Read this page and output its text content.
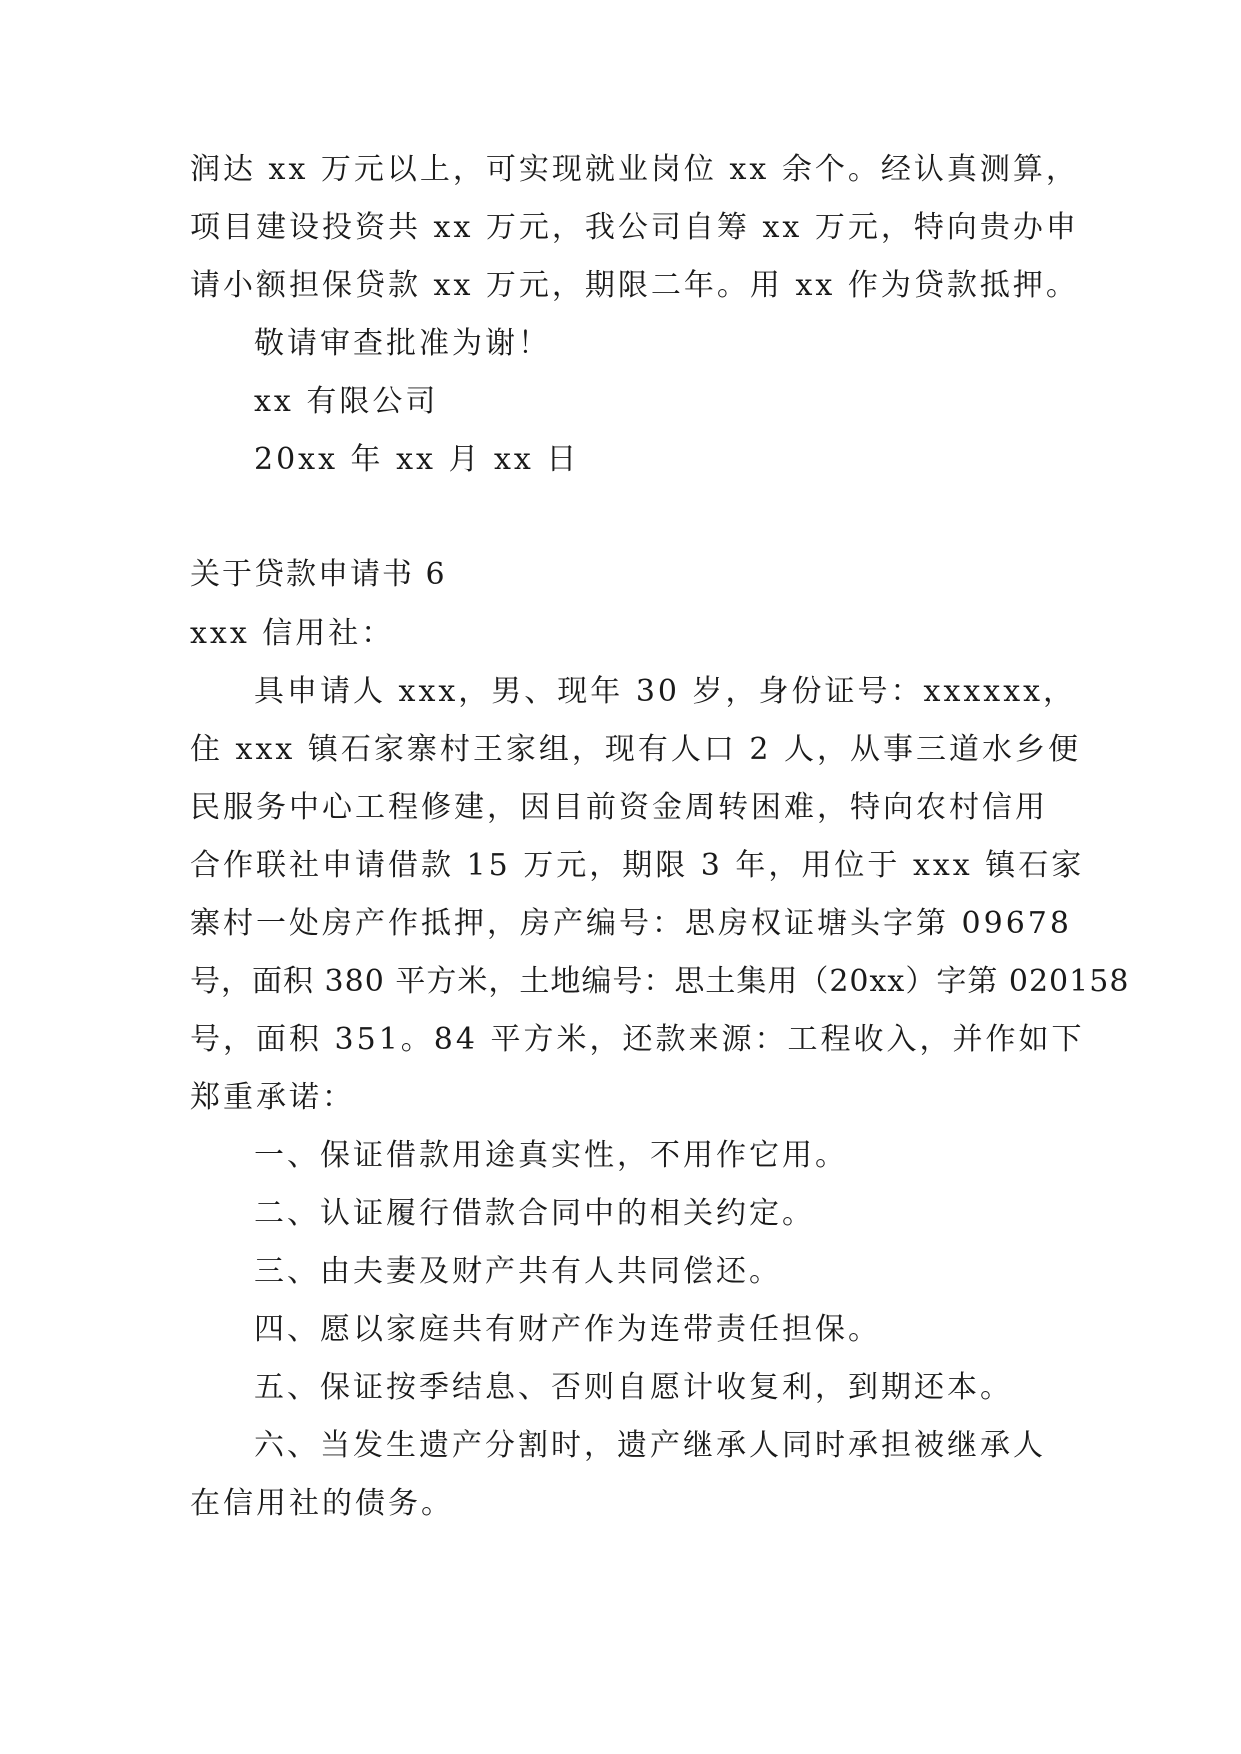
润达 xx 万元以上，可实现就业岗位 xx 余个。经认真测算，
项目建设投资共 xx 万元，我公司自筹 xx 万元，特向贵办申
请小额担保贷款 xx 万元，期限二年。用 xx 作为贷款抵押。
敬请审查批准为谢！
xx 有限公司
20xx 年 xx 月 xx 日
关于贷款申请书 6
xxx 信用社：
具申请人 xxx，男、现年 30 岁，身份证号：xxxxxx，
住 xxx 镇石家寨村王家组，现有人口 2 人，从事三道水乡便
民服务中心工程修建，因目前资金周转困难，特向农村信用
合作联社申请借款 15 万元，期限 3 年，用位于 xxx 镇石家
寨村一处房产作抵押，房产编号：思房权证塘头字第 09678
号，面积 380 平方米，土地编号：思土集用（20xx）字第 020158
号，面积 351。84 平方米，还款来源：工程收入，并作如下
郑重承诺：
一、保证借款用途真实性，不用作它用。
二、认证履行借款合同中的相关约定。
三、由夫妻及财产共有人共同偿还。
四、愿以家庭共有财产作为连带责任担保。
五、保证按季结息、否则自愿计收复利，到期还本。
六、当发生遗产分割时，遗产继承人同时承担被继承人
在信用社的债务。
